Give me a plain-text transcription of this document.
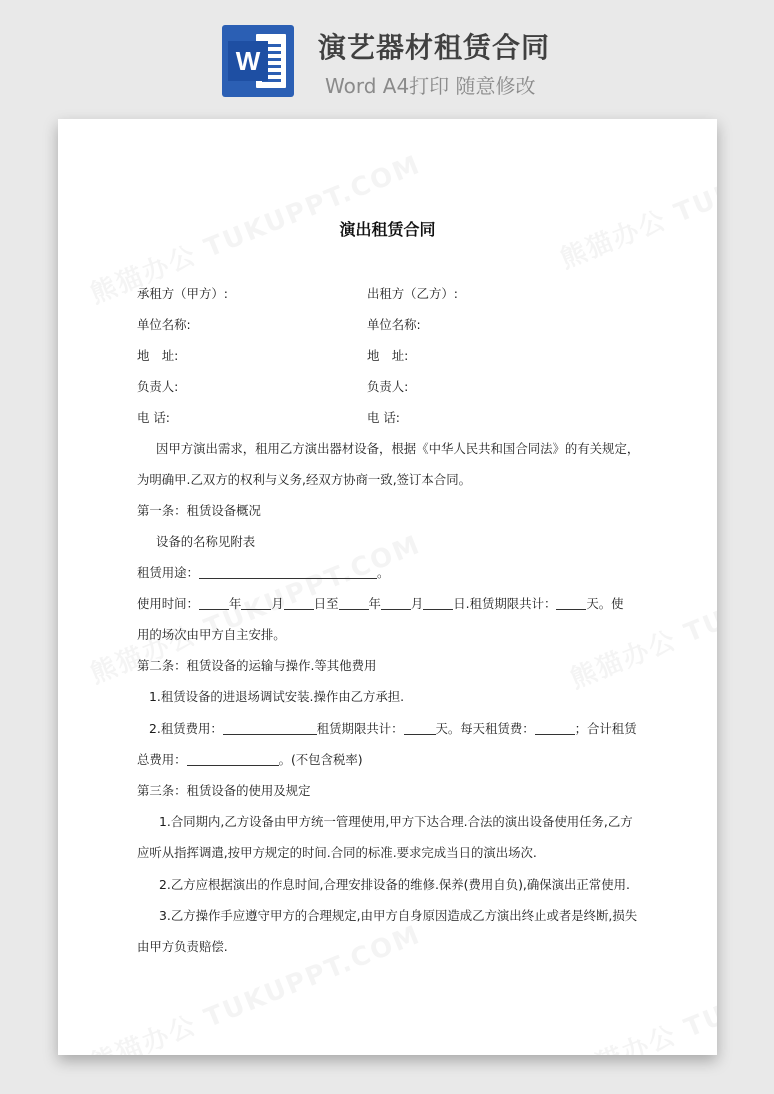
W 演艺器材租赁合同
Word A4打印 随意修改
演出租赁合同
承租方（甲方）:	出租方（乙方）:
单位名称:	单位名称:
地　址:	地　址:
负责人:	负责人:
电 话:	电 话:
因甲方演出需求，租用乙方演出器材设备，根据《中华人民共和国合同法》的有关规定，
为明确甲.乙双方的权利与义务,经双方协商一致,签订本合同。
第一条：租赁设备概况
设备的名称见附表
租赁用途：	。
使用时间： 年 月 日至 年 月 日.租赁期限共计： 天。使
用的场次由甲方自主安排。
第二条：租赁设备的运输与操作.等其他费用
1.租赁设备的进退场调试安装.操作由乙方承担.
2.租赁费用：	租赁期限共计：	天。每天租赁费：	；合计租赁
总费用：	。(不包含税率)
第三条：租赁设备的使用及规定
1.合同期内,乙方设备由甲方统一管理使用,甲方下达合理.合法的演出设备使用任务,乙方
应听从指挥调遣,按甲方规定的时间.合同的标准.要求完成当日的演出场次.
2.乙方应根据演出的作息时间,合理安排设备的维修.保养(费用自负),确保演出正常使用.
3.乙方操作手应遵守甲方的合理规定,由甲方自身原因造成乙方演出终止或者是终断,损失
由甲方负责赔偿.
